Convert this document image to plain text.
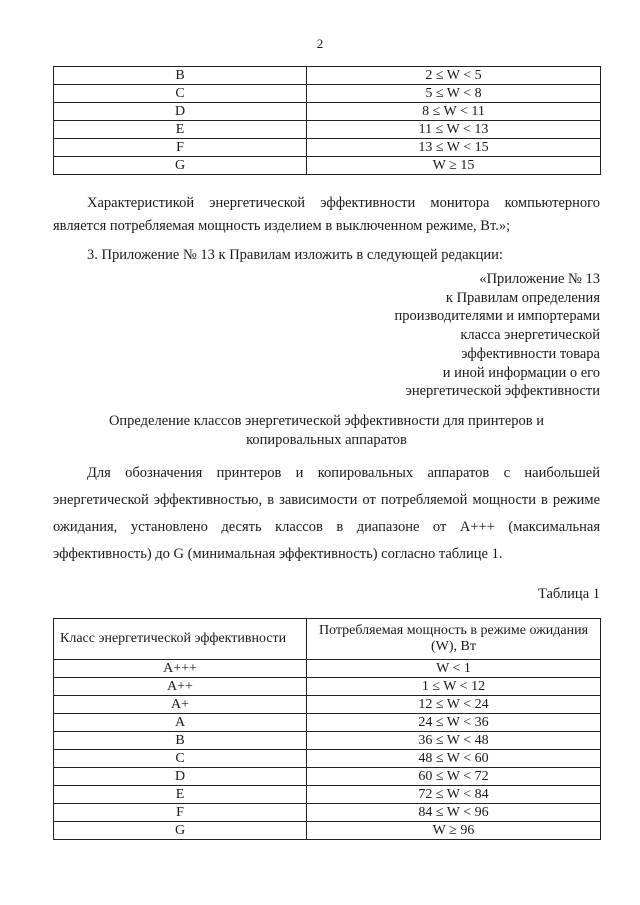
2
B	2 ≤ W < 5
C	5 ≤ W < 8
D	8 ≤ W < 11
E	11 ≤ W < 13
F	13 ≤ W < 15
G	W ≥ 15

Характеристикой энергетической эффективности монитора компьютерного является потребляемая мощность изделием в выключенном режиме, Вт.»;

3. Приложение № 13 к Правилам изложить в следующей редакции:

«Приложение № 13
к Правилам определения
производителями и импортерами
класса энергетической
эффективности товара
и иной информации о его
энергетической эффективности
Определение классов энергетической эффективности для принтеров и
копировальных аппаратов

Для обозначения принтеров и копировальных аппаратов с наибольшей энергетической эффективностью, в зависимости от потребляемой мощности в режиме ожидания, установлено десять классов в диапазоне от A+++ (максимальная эффективность) до G (минимальная эффективность) согласно таблице 1.

Таблица 1
Класс энергетической эффективности	Потребляемая мощность в режиме ожидания (W), Вт
A+++	W < 1
A++	1 ≤ W < 12
A+	12 ≤ W < 24
A	24 ≤ W < 36
B	36 ≤ W < 48
C	48 ≤ W < 60
D	60 ≤ W < 72
E	72 ≤ W < 84
F	84 ≤ W < 96
G	W ≥ 96
